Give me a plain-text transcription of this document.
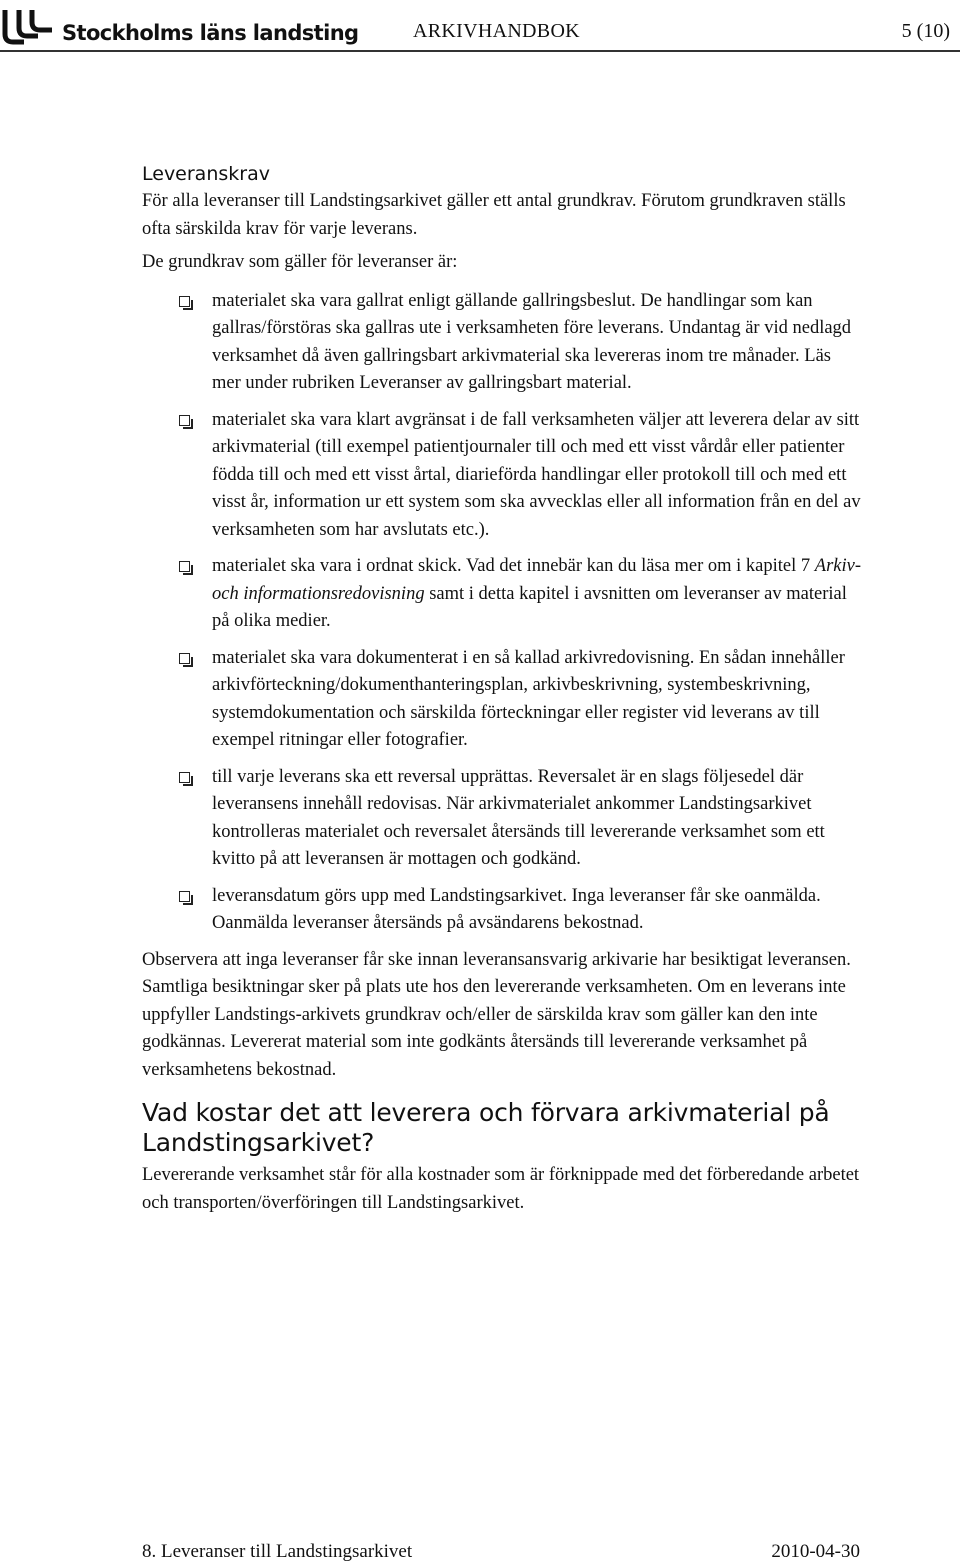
Stockholms läns landsting	ARKIVHANDBOK	5 (10)
Leveranskrav

För alla leveranser till Landstingsarkivet gäller ett antal grundkrav. Förutom grundkraven ställs ofta särskilda krav för varje leverans.

De grundkrav som gäller för leveranser är:

materialet ska vara gallrat enligt gällande gallringsbeslut. De handlingar som kan gallras/förstöras ska gallras ute i verksamheten före leverans. Undantag är vid nedlagd verksamhet då även gallringsbart arkivmaterial ska levereras inom tre månader. Läs mer under rubriken Leveranser av gallringsbart material.
materialet ska vara klart avgränsat i de fall verksamheten väljer att leverera delar av sitt arkivmaterial (till exempel patientjournaler till och med ett visst vårdår eller patienter födda till och med ett visst årtal, diarieförda handlingar eller protokoll till och med ett visst år, information ur ett system som ska avvecklas eller all information från en del av verksamheten som har avslutats etc.).
materialet ska vara i ordnat skick. Vad det innebär kan du läsa mer om i kapitel 7 Arkiv- och informationsredovisning samt i detta kapitel i avsnitten om leveranser av material på olika medier.
materialet ska vara dokumenterat i en så kallad arkivredovisning. En sådan innehåller arkivförteckning/dokumenthanteringsplan, arkivbeskrivning, systembeskrivning, systemdokumentation och särskilda förteckningar eller register vid leverans av till exempel ritningar eller fotografier.
till varje leverans ska ett reversal upprättas. Reversalet är en slags följesedel där leveransens innehåll redovisas. När arkivmaterialet ankommer Landstingsarkivet kontrolleras materialet och reversalet återsänds till levererande verksamhet som ett kvitto på att leveransen är mottagen och godkänd.
leveransdatum görs upp med Landstingsarkivet. Inga leveranser får ske oanmälda. Oanmälda leveranser återsänds på avsändarens bekostnad.

Observera att inga leveranser får ske innan leveransansvarig arkivarie har besiktigat leveransen. Samtliga besiktningar sker på plats ute hos den levererande verksamheten. Om en leverans inte uppfyller Landstings-arkivets grundkrav och/eller de särskilda krav som gäller kan den inte godkännas. Levererat material som inte godkänts återsänds till levererande verksamhet på verksamhetens bekostnad.

Vad kostar det att leverera och förvara arkivmaterial på Landstingsarkivet?

Levererande verksamhet står för alla kostnader som är förknippade med det förberedande arbetet och transporten/överföringen till Landstingsarkivet.

8. Leveranser till Landstingsarkivet	2010-04-30
